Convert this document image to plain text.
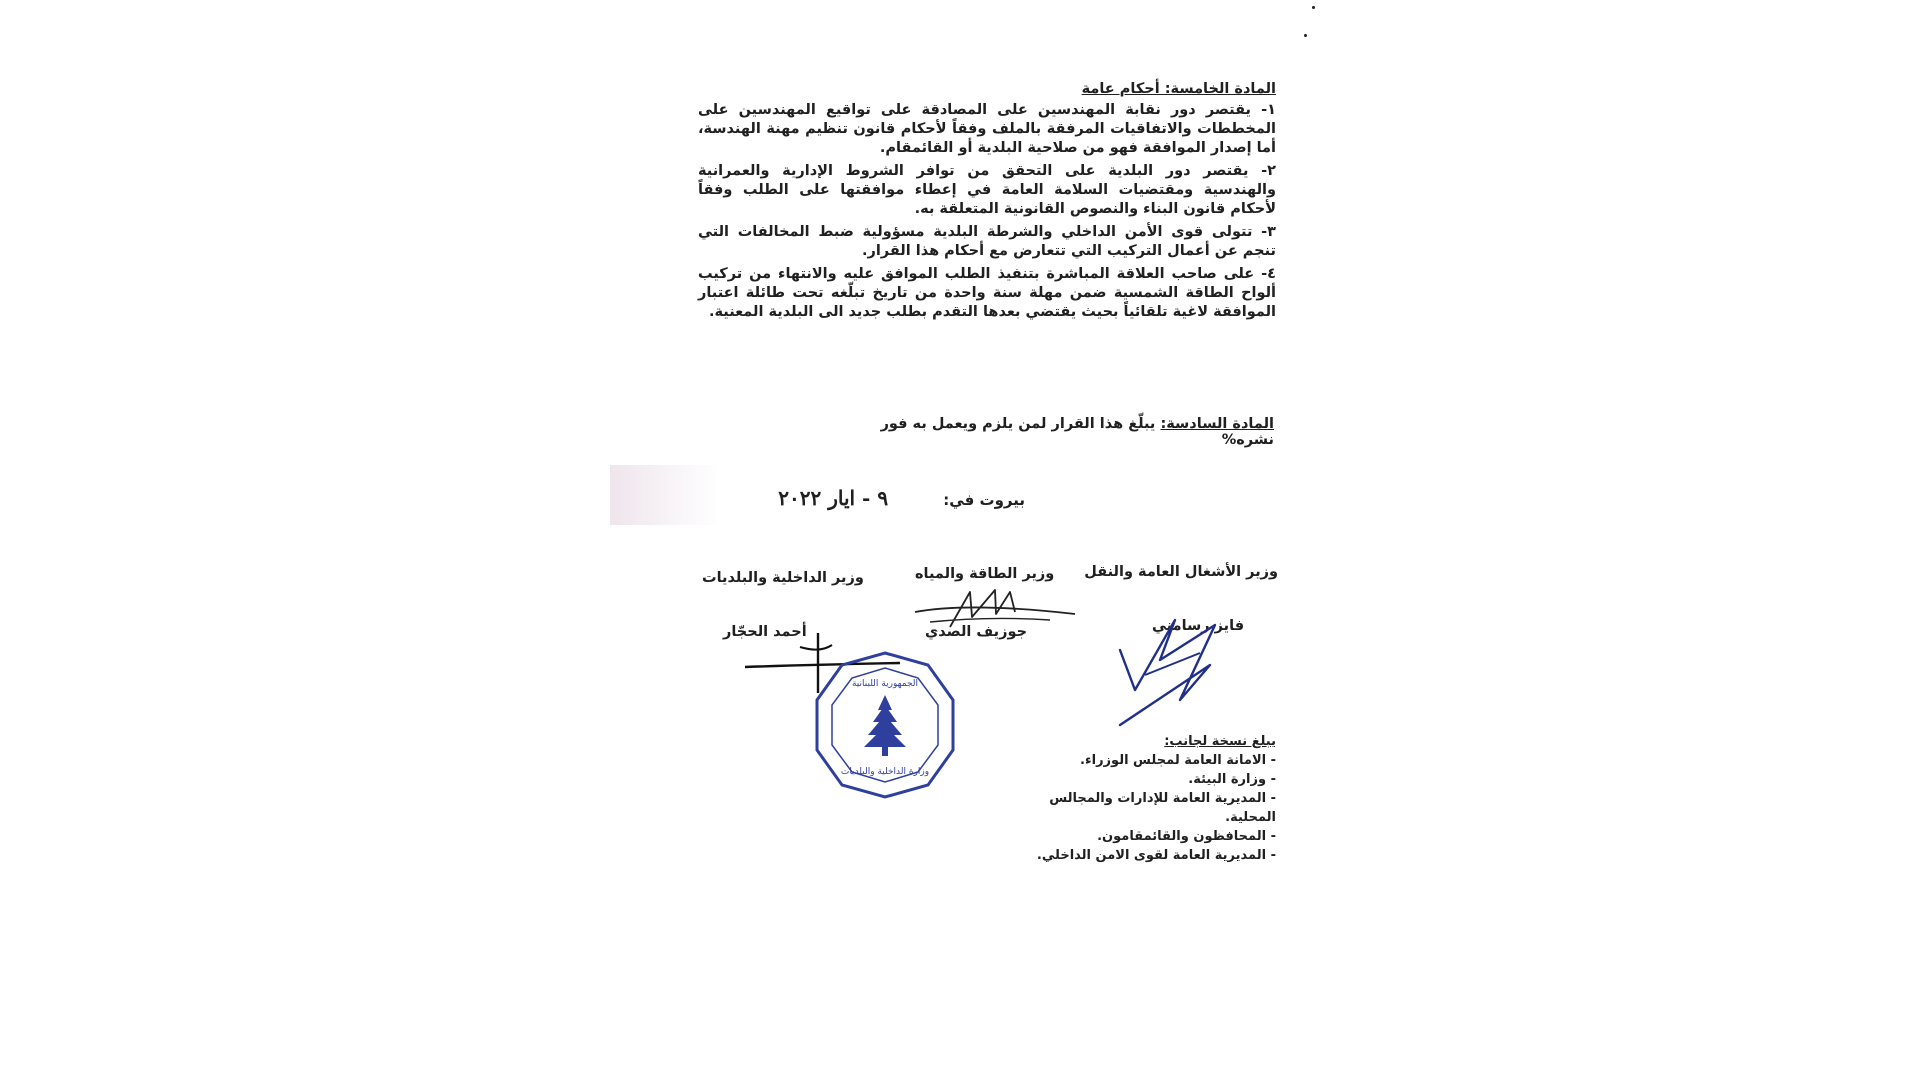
المادة الخامسة: أحكام عامة

١- يقتصر دور نقابة المهندسين على المصادقة على تواقيع المهندسين على المخططات والاتفاقيات المرفقة بالملف وفقاً لأحكام قانون تنظيم مهنة الهندسة، أما إصدار الموافقة فهو من صلاحية البلدية أو القائمقام.

٢- يقتصر دور البلدية على التحقق من توافر الشروط الإدارية والعمرانية والهندسية ومقتضيات السلامة العامة في إعطاء موافقتها على الطلب وفقاً لأحكام قانون البناء والنصوص القانونية المتعلقة به.

٣- تتولى قوى الأمن الداخلي والشرطة البلدية مسؤولية ضبط المخالفات التي تنجم عن أعمال التركيب التي تتعارض مع أحكام هذا القرار.

٤- على صاحب العلاقة المباشرة بتنفيذ الطلب الموافق عليه والانتهاء من تركيب ألواح الطاقة الشمسية ضمن مهلة سنة واحدة من تاريخ تبلّغه تحت طائلة اعتبار الموافقة لاغية تلقائياً بحيث يقتضي بعدها التقدم بطلب جديد الى البلدية المعنية.

المادة السادسة: يبلّغ هذا القرار لمن يلزم ويعمل به فور نشره%
بيروت في: ٩ - ايار ٢٠٢٢
وزير الأشغال العامة والنقل
وزير الطاقة والمياه
وزير الداخلية والبلديات
فايز رسامني
جوزيف الصدي
أحمد الحجّار
الجمهورية اللبنانية
وزارة الداخلية والبلديات
يبلغ نسخة لجانب:
- الامانة العامة لمجلس الوزراء.
- وزارة البيئة.
- المديرية العامة للإدارات والمجالس المحلية.
- المحافظون والقائمقامون.
- المديرية العامة لقوى الامن الداخلي.
